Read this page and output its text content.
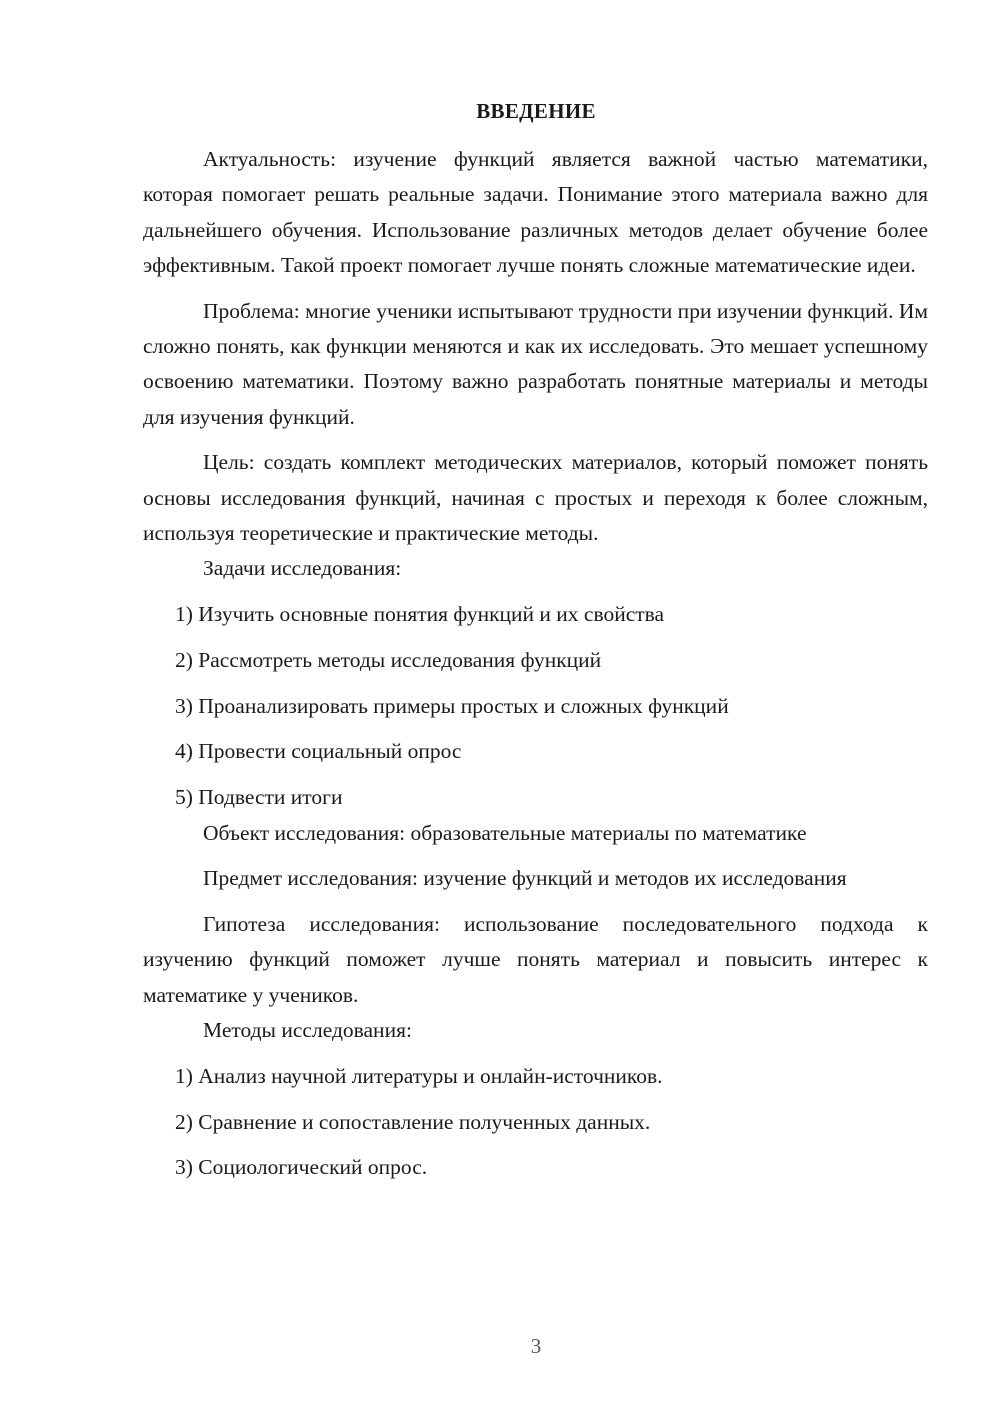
ВВЕДЕНИЕ

Актуальность: изучение функций является важной частью математики, которая помогает решать реальные задачи. Понимание этого материала важно для дальнейшего обучения. Использование различных методов делает обучение более эффективным. Такой проект помогает лучше понять сложные математические идеи.

Проблема: многие ученики испытывают трудности при изучении функций. Им сложно понять, как функции меняются и как их исследовать. Это мешает успешному освоению математики. Поэтому важно разработать понятные материалы и методы для изучения функций.

Цель: создать комплект методических материалов, который поможет понять основы исследования функций, начиная с простых и переходя к более сложным, используя теоретические и практические методы.

Задачи исследования:

1) Изучить основные понятия функций и их свойства

2) Рассмотреть методы исследования функций

3) Проанализировать примеры простых и сложных функций

4) Провести социальный опрос

5) Подвести итоги

Объект исследования: образовательные материалы по математике

Предмет исследования: изучение функций и методов их исследования

Гипотеза исследования: использование последовательного подхода к изучению функций поможет лучше понять материал и повысить интерес к математике у учеников.

Методы исследования:

1) Анализ научной литературы и онлайн-источников.

2) Сравнение и сопоставление полученных данных.

3) Социологический опрос.

3
